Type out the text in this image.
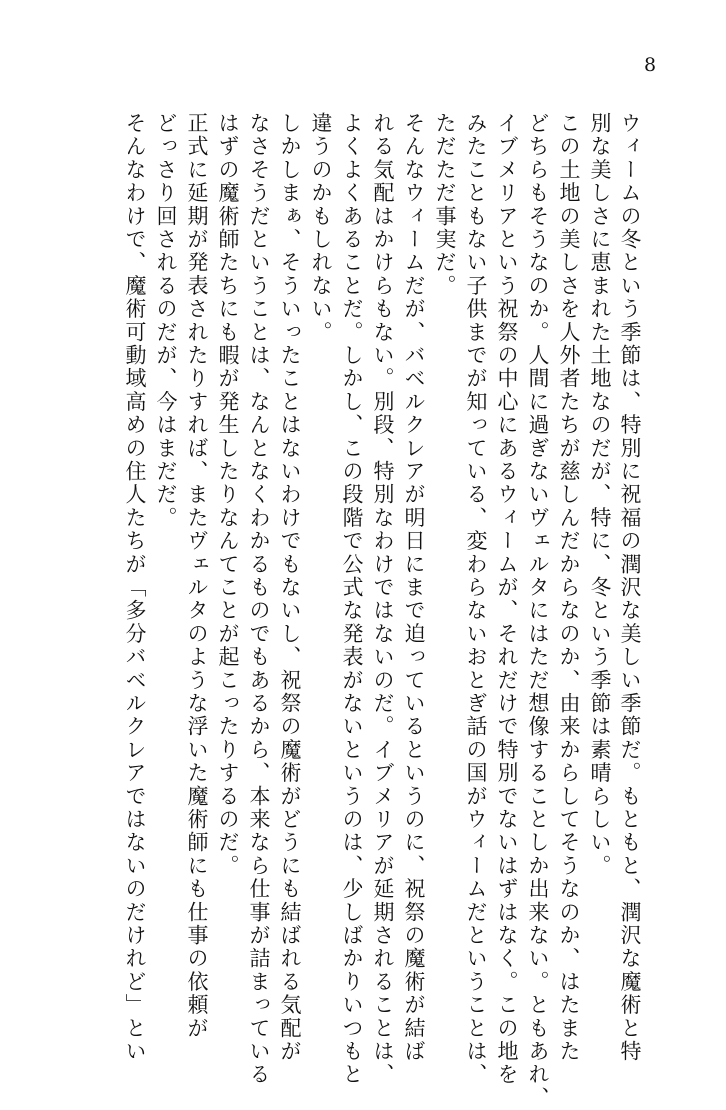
8
ウィームの冬という季節は、特別に祝福の潤沢な美しい季節だ。もともと、潤沢な魔術と特
別な美しさに恵まれた土地なのだが、特に、冬という季節は素晴らしい。
この土地の美しさを人外者たちが慈しんだからなのか、由来からしてそうなのか、はたまた
どちらもそうなのか。人間に過ぎないヴェルタにはただ想像することしか出来ない。ともあれ、
イブメリアという祝祭の中心にあるウィームが、それだけで特別でないはずはなく。この地を
みたこともない子供までが知っている、変わらないおとぎ話の国がウィームだということは、
ただただ事実だ。
そんなウィームだが、バベルクレアが明日にまで迫っているというのに、祝祭の魔術が結ば
れる気配はかけらもない。別段、特別なわけではないのだ。イブメリアが延期されることは、
よくよくあることだ。しかし、この段階で公式な発表がないというのは、少しばかりいつもと
違うのかもしれない。
しかしまぁ、そういったことはないわけでもないし、祝祭の魔術がどうにも結ばれる気配が
なさそうだということは、なんとなくわかるものでもあるから、本来なら仕事が詰まっている
はずの魔術師たちにも暇が発生したりなんてことが起こったりするのだ。
正式に延期が発表されたりすれば、またヴェルタのような浮いた魔術師にも仕事の依頼が
どっさり回されるのだが、今はまだだ。
そんなわけで、魔術可動域高めの住人たちが「多分バベルクレアではないのだけれど」とい
